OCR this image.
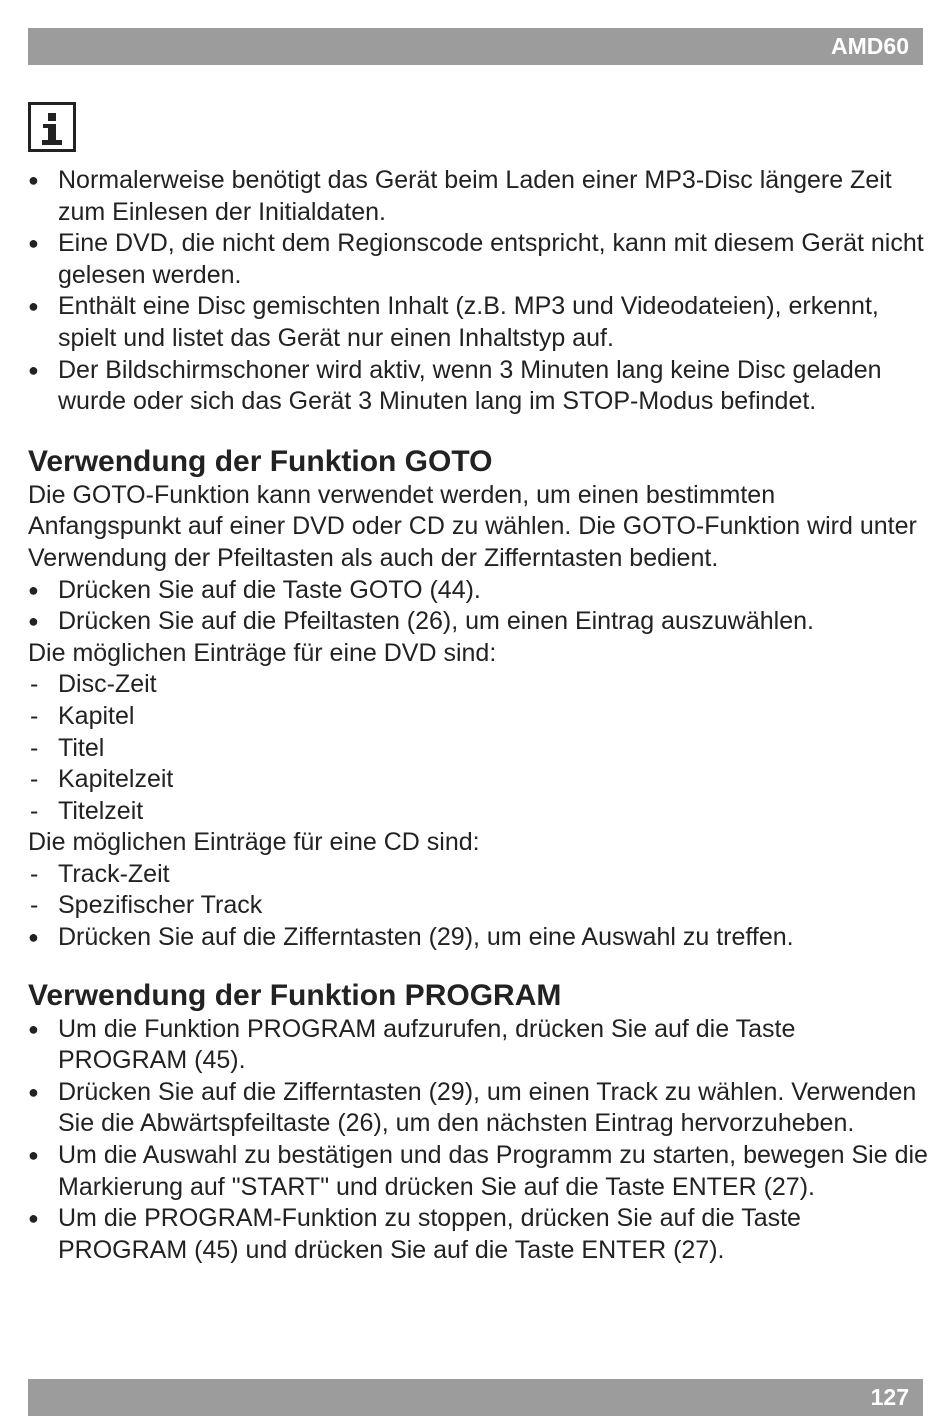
AMD60
● Normalerweise benötigt das Gerät beim Laden einer MP3-Disc längere Zeit zum Einlesen der Initialdaten.
● Eine DVD, die nicht dem Regionscode entspricht, kann mit diesem Gerät nicht gelesen werden.
● Enthält eine Disc gemischten Inhalt (z.B. MP3 und Videodateien), erkennt, spielt und listet das Gerät nur einen Inhaltstyp auf.
● Der Bildschirmschoner wird aktiv, wenn 3 Minuten lang keine Disc geladen wurde oder sich das Gerät 3 Minuten lang im STOP-Modus befindet.
Verwendung der Funktion GOTO
Die GOTO-Funktion kann verwendet werden, um einen bestimmten Anfangspunkt auf einer DVD oder CD zu wählen. Die GOTO-Funktion wird unter Verwendung der Pfeiltasten als auch der Zifferntasten bedient.
● Drücken Sie auf die Taste GOTO (44).
● Drücken Sie auf die Pfeiltasten (26), um einen Eintrag auszuwählen.
Die möglichen Einträge für eine DVD sind:
- Disc-Zeit
- Kapitel
- Titel
- Kapitelzeit
- Titelzeit
Die möglichen Einträge für eine CD sind:
- Track-Zeit
- Spezifischer Track
● Drücken Sie auf die Zifferntasten (29), um eine Auswahl zu treffen.
Verwendung der Funktion PROGRAM
● Um die Funktion PROGRAM aufzurufen, drücken Sie auf die Taste PROGRAM (45).
● Drücken Sie auf die Zifferntasten (29), um einen Track zu wählen. Verwenden Sie die Abwärtspfeiltaste (26), um den nächsten Eintrag hervorzuheben.
● Um die Auswahl zu bestätigen und das Programm zu starten, bewegen Sie die Markierung auf "START" und drücken Sie auf die Taste ENTER (27).
● Um die PROGRAM-Funktion zu stoppen, drücken Sie auf die Taste PROGRAM (45) und drücken Sie auf die Taste ENTER (27).
127
